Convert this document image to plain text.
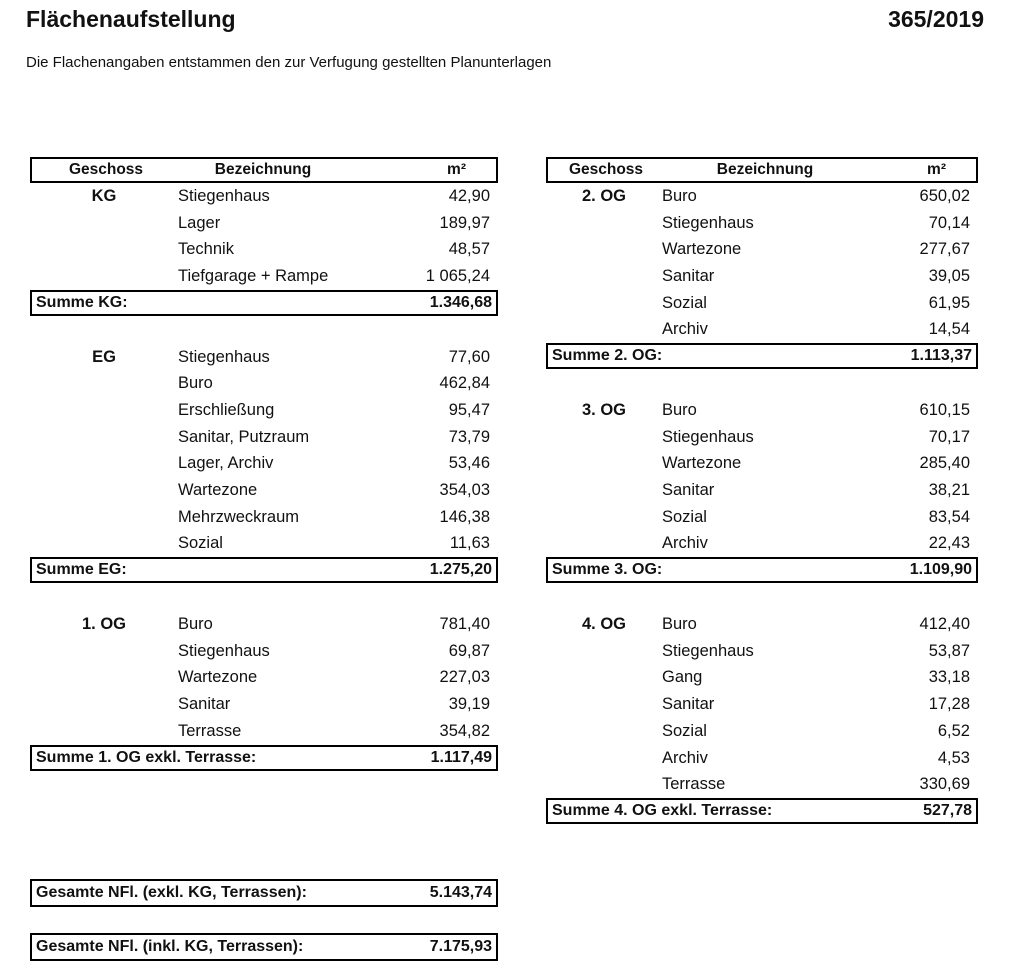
Flächenaufstellung	365/2019
Die Flachenangaben entstammen den zur Verfugung gestellten Planunterlagen
Geschoss	Bezeichnung	m²
KG	Stiegenhaus	42,90
Lager	189,97
Technik	48,57
Tiefgarage + Rampe	1 065,24
Summe KG:	1.346,68
EG	Stiegenhaus	77,60
Buro	462,84
Erschließung	95,47
Sanitar, Putzraum	73,79
Lager, Archiv	53,46
Wartezone	354,03
Mehrzweckraum	146,38
Sozial	11,63
Summe EG:	1.275,20
1. OG	Buro	781,40
Stiegenhaus	69,87
Wartezone	227,03
Sanitar	39,19
Terrasse	354,82
Summe 1. OG exkl. Terrasse:	1.117,49
Geschoss	Bezeichnung	m²
2. OG	Buro	650,02
Stiegenhaus	70,14
Wartezone	277,67
Sanitar	39,05
Sozial	61,95
Archiv	14,54
Summe 2. OG:	1.113,37
3. OG	Buro	610,15
Stiegenhaus	70,17
Wartezone	285,40
Sanitar	38,21
Sozial	83,54
Archiv	22,43
Summe 3. OG:	1.109,90
4. OG	Buro	412,40
Stiegenhaus	53,87
Gang	33,18
Sanitar	17,28
Sozial	6,52
Archiv	4,53
Terrasse	330,69
Summe 4. OG exkl. Terrasse:	527,78
Gesamte NFl. (exkl. KG, Terrassen):	5.143,74
Gesamte NFl. (inkl. KG, Terrassen):	7.175,93
